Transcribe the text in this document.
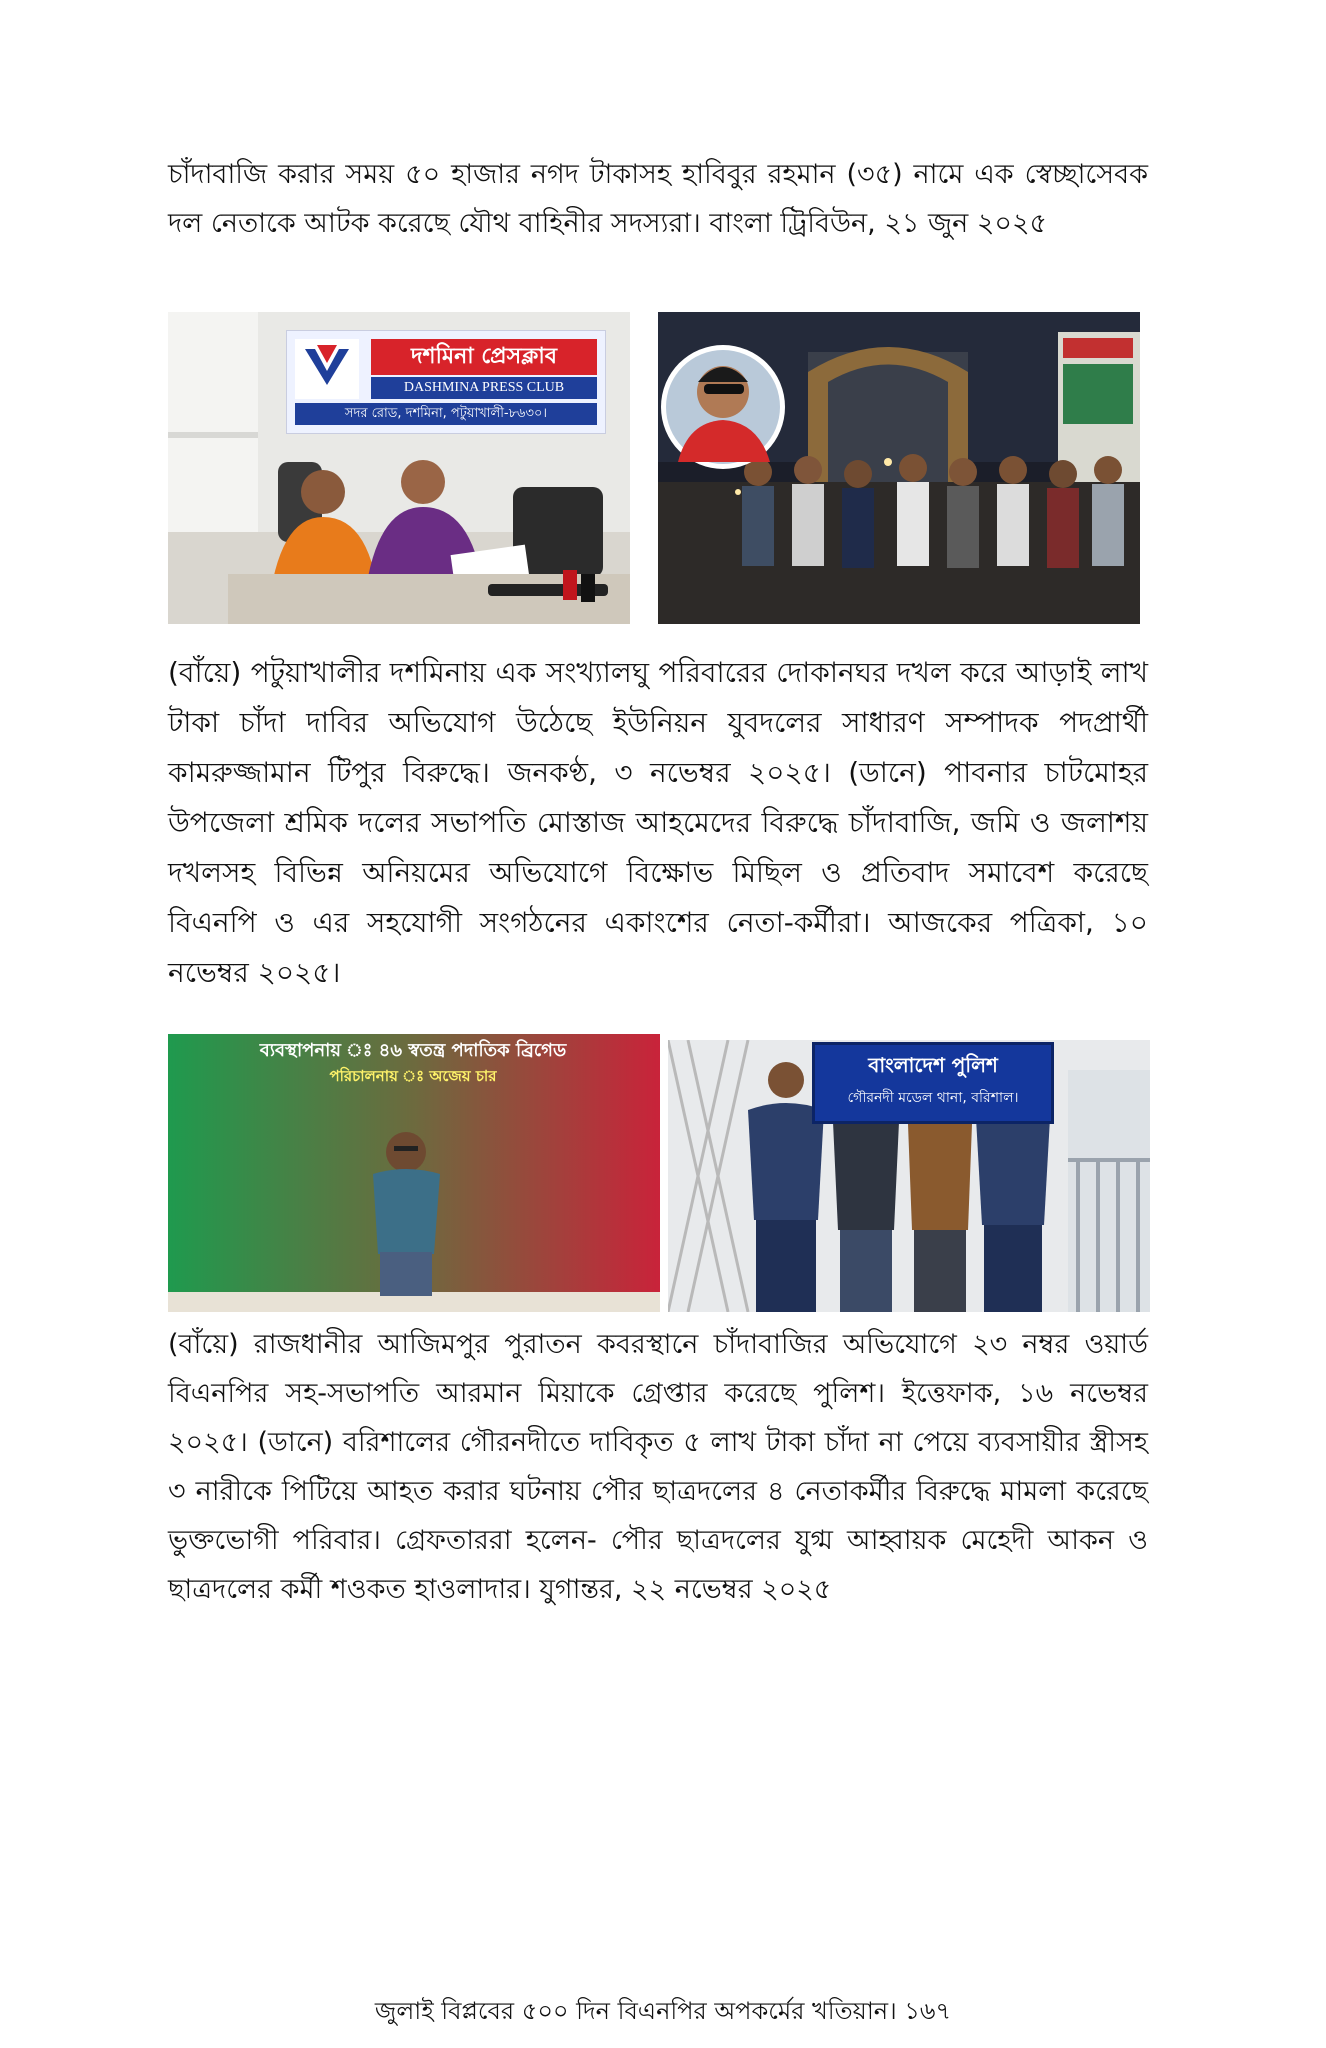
চাঁদাবাজি করার সময় ৫০ হাজার নগদ টাকাসহ হাবিবুর রহমান (৩৫) নামে এক স্বেচ্ছাসেবক দল নেতাকে আটক করেছে যৌথ বাহিনীর সদস্যরা। বাংলা ট্রিবিউন, ২১ জুন ২০২৫

দশমিনা প্রেসক্লাব
DASHMINA PRESS CLUB
সদর রোড, দশমিনা, পটুয়াখালী-৮৬৩০।

(বাঁয়ে) পটুয়াখালীর দশমিনায় এক সংখ্যালঘু পরিবারের দোকানঘর দখল করে আড়াই লাখ টাকা চাঁদা দাবির অভিযোগ উঠেছে ইউনিয়ন যুবদলের সাধারণ সম্পাদক পদপ্রার্থী কামরুজ্জামান টিপুর বিরুদ্ধে। জনকণ্ঠ, ৩ নভেম্বর ২০২৫। (ডানে) পাবনার চাটমোহর উপজেলা শ্রমিক দলের সভাপতি মোস্তাজ আহমেদের বিরুদ্ধে চাঁদাবাজি, জমি ও জলাশয় দখলসহ বিভিন্ন অনিয়মের অভিযোগে বিক্ষোভ মিছিল ও প্রতিবাদ সমাবেশ করেছে বিএনপি ও এর সহযোগী সংগঠনের একাংশের নেতা-কর্মীরা। আজকের পত্রিকা, ১০ নভেম্বর ২০২৫।

ব্যবস্থাপনায় ঃ ৪৬ স্বতন্ত্র পদাতিক ব্রিগেড
পরিচালনায় ঃ অজেয় চার	বাংলাদেশ পুলিশ
গৌরনদী মডেল থানা, বরিশাল।

(বাঁয়ে) রাজধানীর আজিমপুর পুরাতন কবরস্থানে চাঁদাবাজির অভিযোগে ২৩ নম্বর ওয়ার্ড বিএনপির সহ-সভাপতি আরমান মিয়াকে গ্রেপ্তার করেছে পুলিশ। ইত্তেফাক, ১৬ নভেম্বর ২০২৫। (ডানে) বরিশালের গৌরনদীতে দাবিকৃত ৫ লাখ টাকা চাঁদা না পেয়ে ব্যবসায়ীর স্ত্রীসহ ৩ নারীকে পিটিয়ে আহত করার ঘটনায় পৌর ছাত্রদলের ৪ নেতাকর্মীর বিরুদ্ধে মামলা করেছে ভুক্তভোগী পরিবার। গ্রেফতাররা হলেন- পৌর ছাত্রদলের যুগ্ম আহ্বায়ক মেহেদী আকন ও ছাত্রদলের কর্মী শওকত হাওলাদার। যুগান্তর, ২২ নভেম্বর ২০২৫

জুলাই বিপ্লবের ৫০০ দিন বিএনপির অপকর্মের খতিয়ান। ১৬৭
